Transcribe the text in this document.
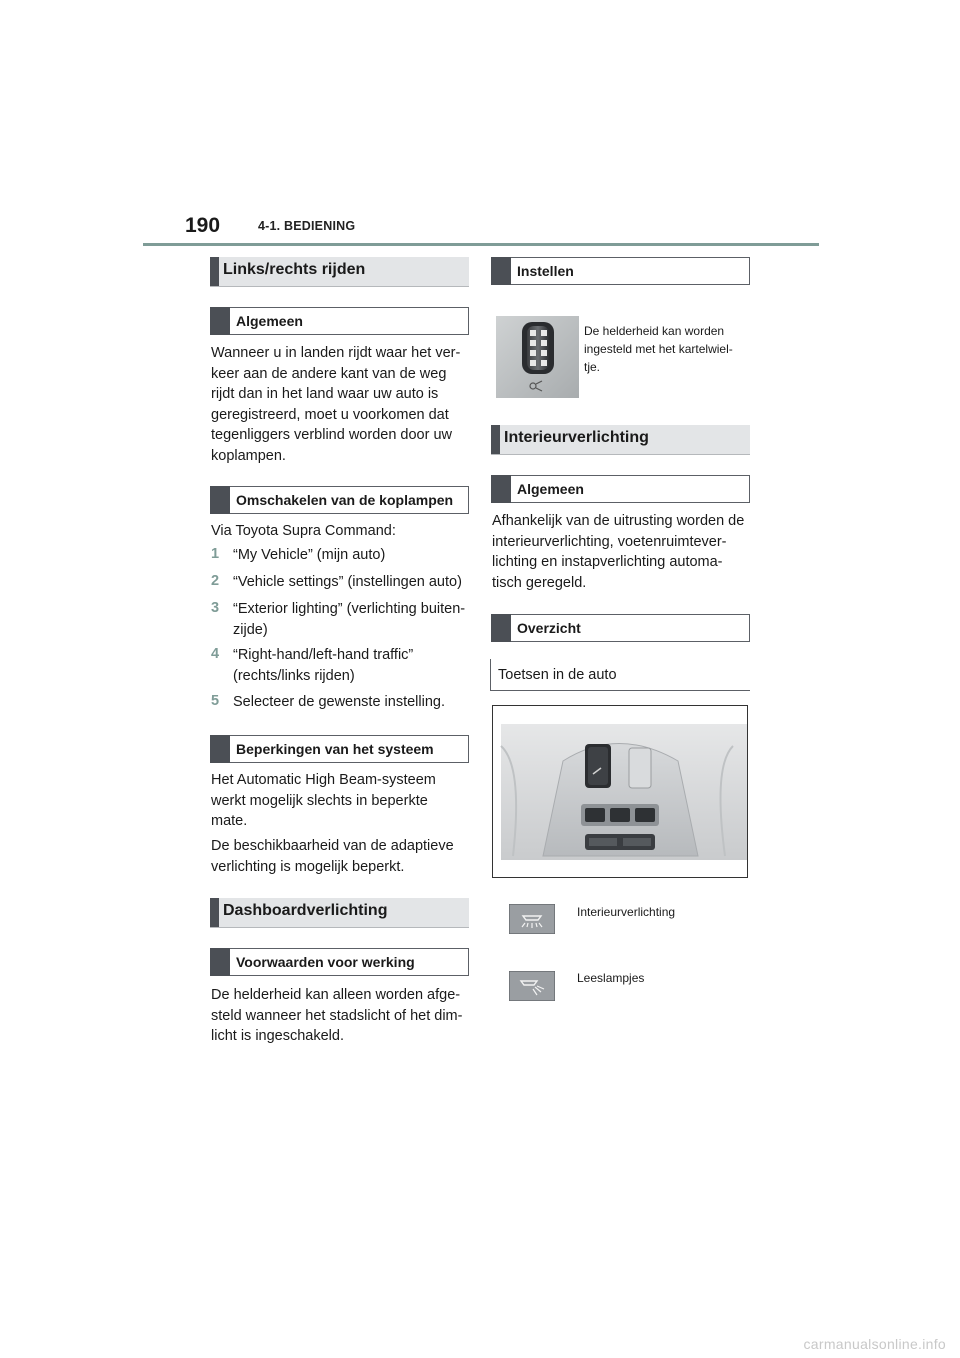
190	4-1. BEDIENING
Links/rechts rijden
Algemeen
Wanneer u in landen rijdt waar het ver-
keer aan de andere kant van de weg
rijdt dan in het land waar uw auto is
geregistreerd, moet u voorkomen dat
tegenliggers verblind worden door uw
koplampen.
Omschakelen van de koplampen
Via Toyota Supra Command:
1 “My Vehicle” (mijn auto)
2 “Vehicle settings” (instellingen auto)
3 “Exterior lighting” (verlichting buiten-
zijde)
4 “Right-hand/left-hand traffic”
(rechts/links rijden)
5 Selecteer de gewenste instelling.
Beperkingen van het systeem
Het Automatic High Beam-systeem
werkt mogelijk slechts in beperkte
mate.
De beschikbaarheid van de adaptieve
verlichting is mogelijk beperkt.
Dashboardverlichting
Voorwaarden voor werking
De helderheid kan alleen worden afge-
steld wanneer het stadslicht of het dim-
licht is ingeschakeld.
Instellen
De helderheid kan worden
ingesteld met het kartelwiel-
tje.
Interieurverlichting
Algemeen
Afhankelijk van de uitrusting worden de
interieurverlichting, voetenruimtever-
lichting en instapverlichting automa-
tisch geregeld.
Overzicht
Toetsen in de auto
Interieurverlichting
Leeslampjes
carmanualsonline.info
